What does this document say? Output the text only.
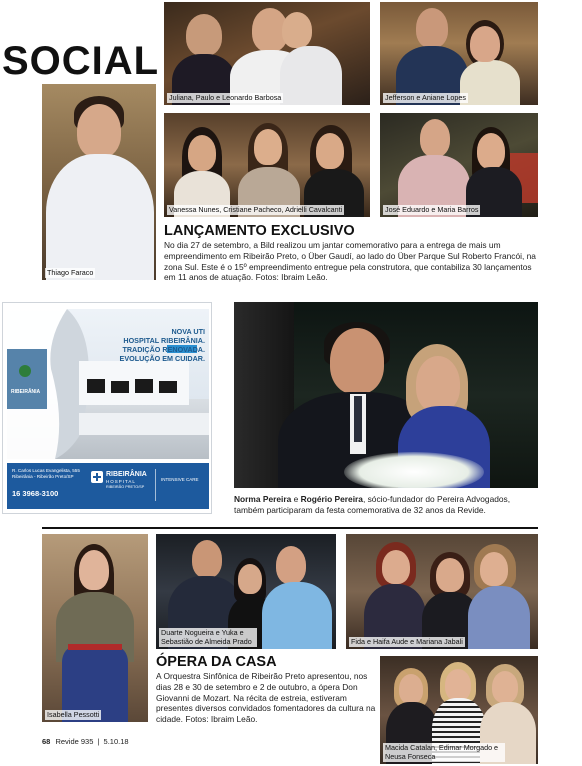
SOCIAL
Juliana, Paulo e Leonardo Barbosa	Jefferson e Aniane Lopes
Thiago Faraco
Vanessa Nunes, Cristiane Pacheco, Adrielli Cavalcanti	José Eduardo e Maria Barros
LANÇAMENTO EXCLUSIVO
No dia 27 de setembro, a Bild realizou um jantar comemorativo para a entrega de mais um empreendimento em Ribeirão Preto, o Über Gaudí, ao lado do Über Parque Sul Roberto Francói, na zona Sul. Este é o 15º empreendimento entregue pela construtora, que contabiliza 30 lançamentos em 11 anos de atuação. Fotos: Ibraim Leão.
RIBEIRÂNIA
NOVA UTI
HOSPITAL RIBEIRÂNIA.
TRADIÇÃO RENOVADA.
EVOLUÇÃO EM CUIDAR.
R. Carlos Lucas Evangelista, 555 Ribeirânia - Ribeirão Preto/SP
16 3968-3100
RIBEIRÂNIA
HOSPITAL
RIBEIRÃO PRETO/SP
INTENSIVE CARE
Norma Pereira e Rogério Pereira, sócio-fundador do Pereira Advogados, também participaram da festa comemorativa de 32 anos da Revide.
Isabella Pessotti
Duarte Nogueira e Yuka e Sebastião de Almeida Prado	Fida e Haifa Aude e Mariana Jabali
ÓPERA DA CASA
A Orquestra Sinfônica de Ribeirão Preto apresentou, nos dias 28 e 30 de setembro e 2 de outubro, a ópera Don Giovanni de Mozart. Na récita de estreia, estiveram presentes diversos convidados fomentadores da cultura na cidade. Fotos: Ibraim Leão.
Macida Catalan, Edimar Morgado e Neusa Fonseca
68 Revide 935 | 5.10.18
